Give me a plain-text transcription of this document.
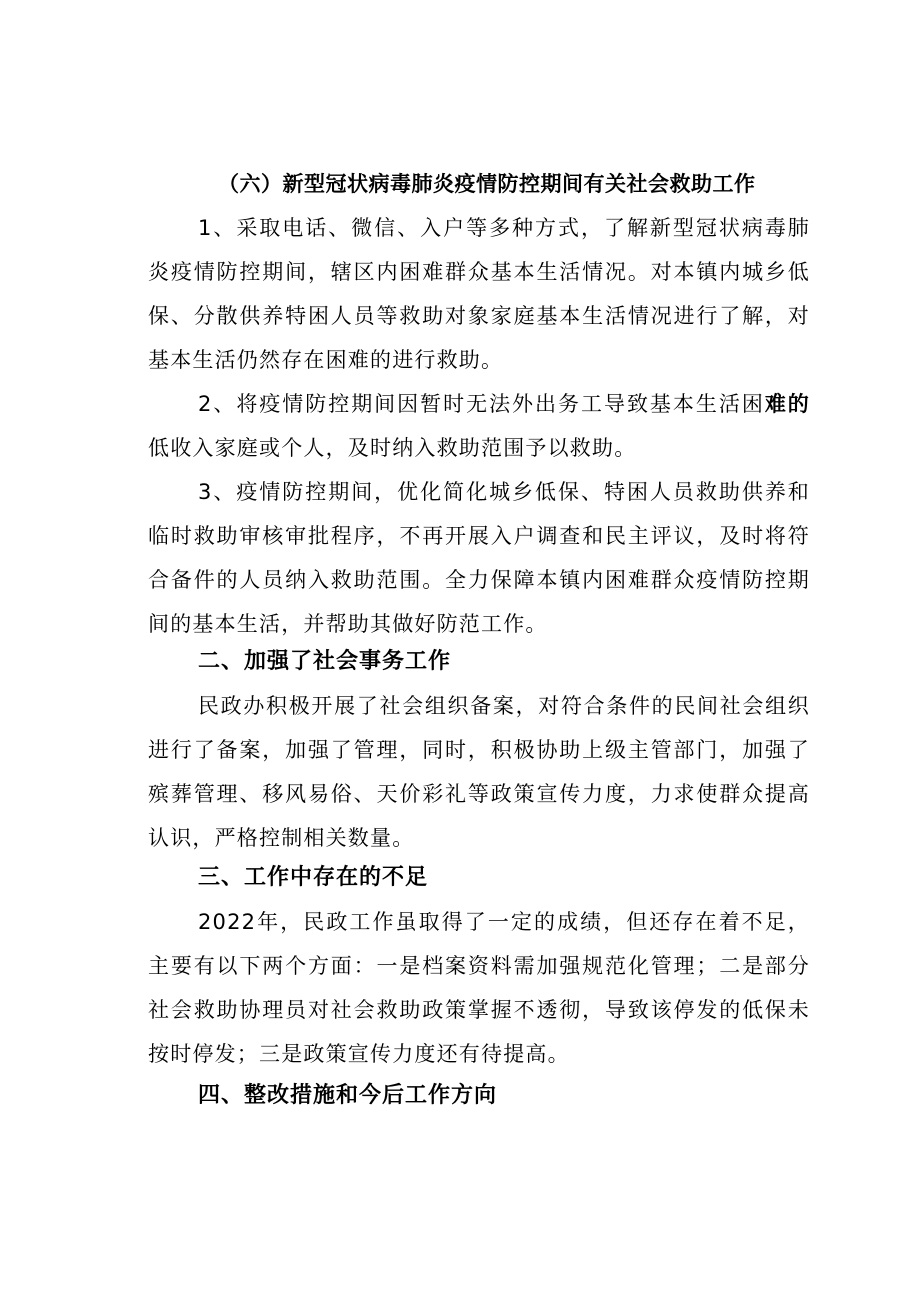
（六）新型冠状病毒肺炎疫情防控期间有关社会救助工作

1、采取电话、微信、入户等多种方式，了解新型冠状病毒肺炎疫情防控期间，辖区内困难群众基本生活情况。对本镇内城乡低保、分散供养特困人员等救助对象家庭基本生活情况进行了解，对基本生活仍然存在困难的进行救助。

2、将疫情防控期间因暂时无法外出务工导致基本生活困难的低收入家庭或个人，及时纳入救助范围予以救助。

3、疫情防控期间，优化简化城乡低保、特困人员救助供养和临时救助审核审批程序，不再开展入户调查和民主评议，及时将符合备件的人员纳入救助范围。全力保障本镇内困难群众疫情防控期间的基本生活，并帮助其做好防范工作。

二、加强了社会事务工作

民政办积极开展了社会组织备案，对符合条件的民间社会组织进行了备案，加强了管理，同时，积极协助上级主管部门，加强了殡葬管理、移风易俗、天价彩礼等政策宣传力度，力求使群众提高认识，严格控制相关数量。

三、工作中存在的不足

2022年，民政工作虽取得了一定的成绩，但还存在着不足，主要有以下两个方面：一是档案资料需加强规范化管理；二是部分社会救助协理员对社会救助政策掌握不透彻，导致该停发的低保未按时停发；三是政策宣传力度还有待提高。

四、整改措施和今后工作方向
